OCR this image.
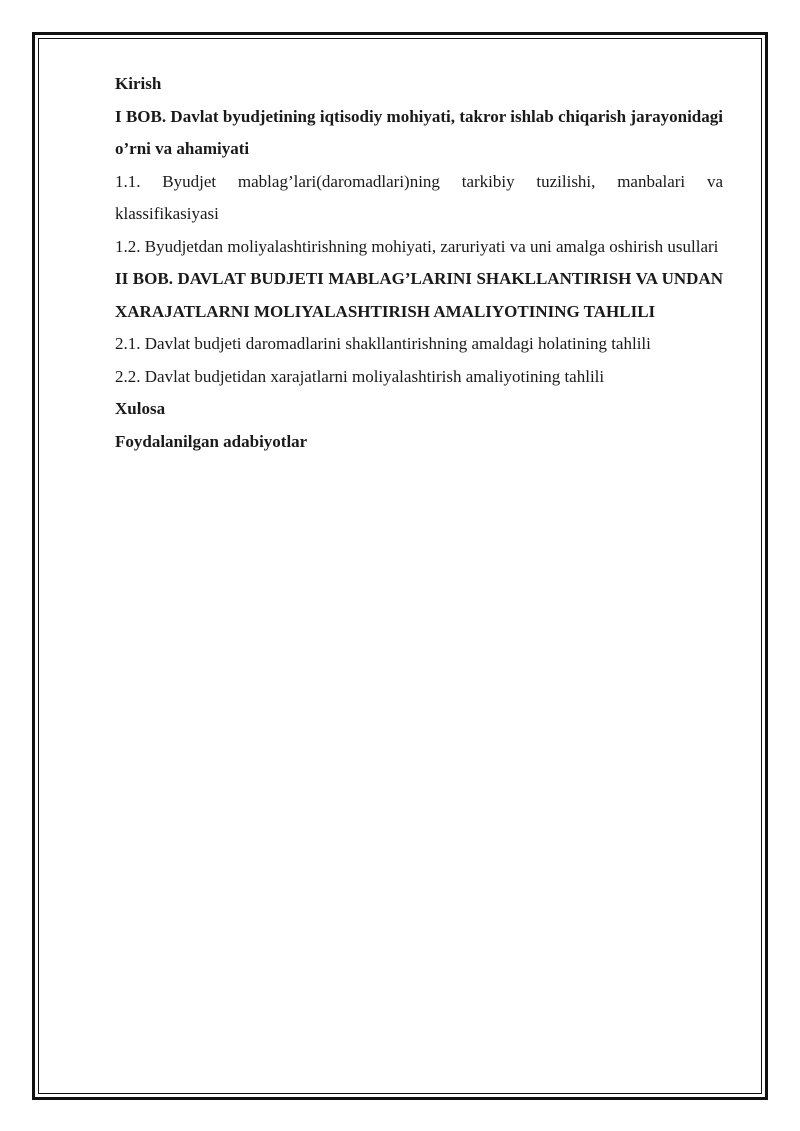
Kirish

I BOB. Davlat byudjetining iqtisodiy mohiyati, takror ishlab chiqarish jarayonidagi o’rni va ahamiyati

1.1. Byudjet mablag’lari(daromadlari)ning tarkibiy tuzilishi, manbalari va klassifikasiyasi

1.2. Byudjetdan moliyalashtirishning mohiyati, zaruriyati va uni amalga oshirish usullari

II BOB. DAVLAT BUDJETI MABLAG’LARINI SHAKLLANTIRISH VA UNDAN XARAJATLARNI MOLIYALASHTIRISH AMALIYOTINING TAHLILI

2.1. Davlat budjeti daromadlarini shakllantirishning amaldagi holatining tahlili

2.2. Davlat budjetidan xarajatlarni moliyalashtirish amaliyotining tahlili

Xulosa

Foydalanilgan adabiyotlar
